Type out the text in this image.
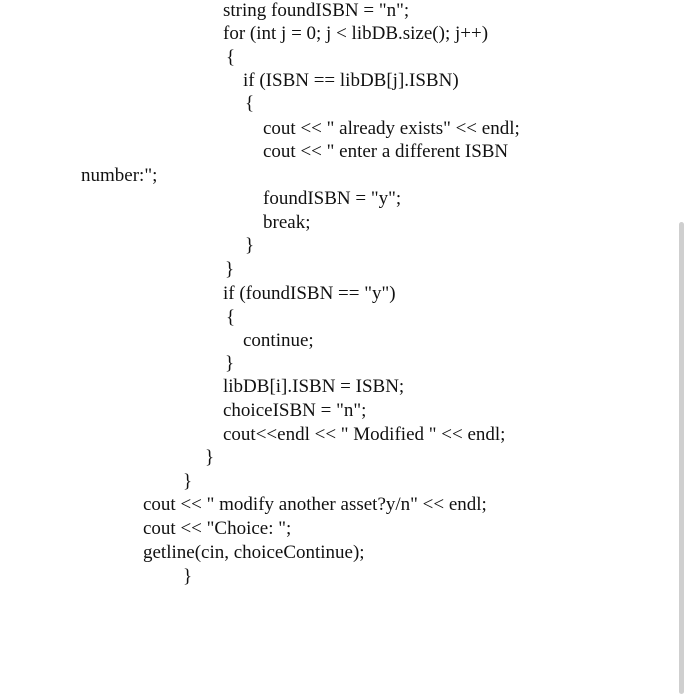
string foundISBN = "n";
for (int j = 0; j < libDB.size(); j++)
{
if (ISBN == libDB[j].ISBN)
{
cout << " already exists" << endl;
cout << " enter a different ISBN
number:";
foundISBN = "y";
break;
}
}
if (foundISBN == "y")
{
continue;
}
libDB[i].ISBN = ISBN;
choiceISBN = "n";
cout<<endl << " Modified " << endl;
}
}
cout << " modify another asset?y/n" << endl;
cout << "Choice: ";
getline(cin, choiceContinue);
}
